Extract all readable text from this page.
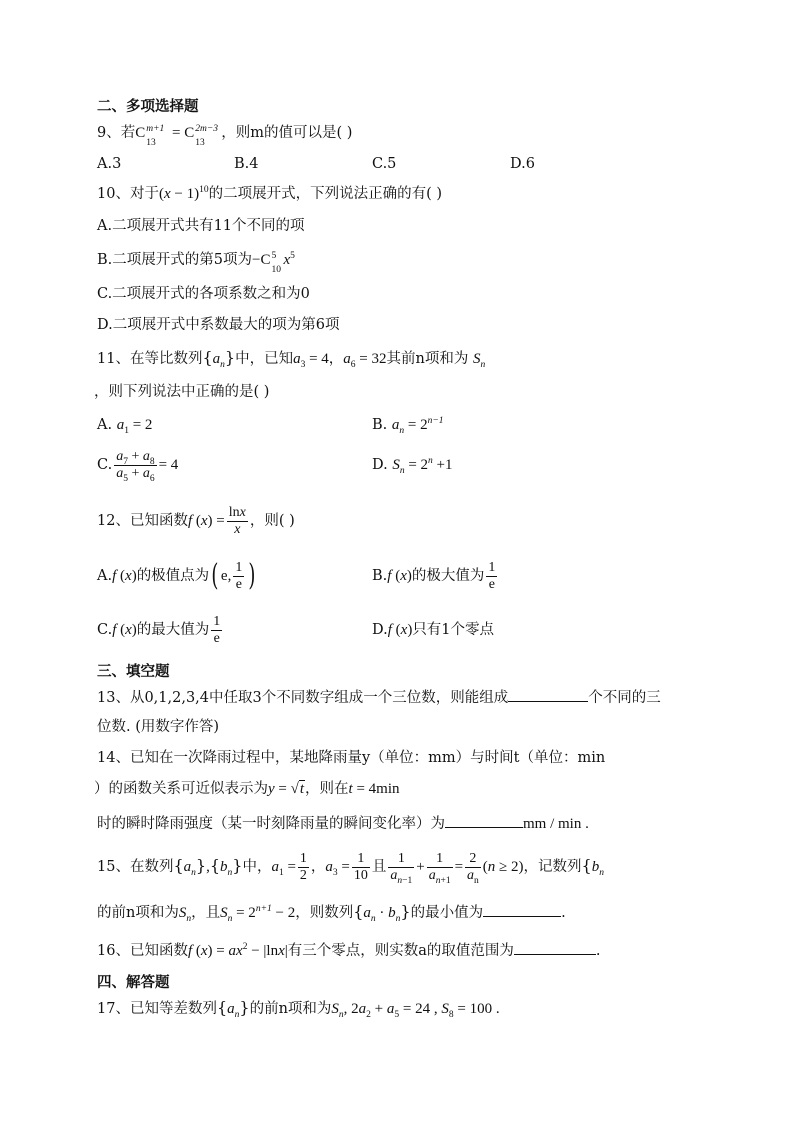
二、多项选择题
9、若C m+1
13
= C 2m−3
13
，则m的值可以是( )
A.3	B.4	C.5	D.6
10、对于$(x - 1)^{10}$的二项展开式，下列说法正确的有( )
A.二项展开式共有11个不同的项
B.二项展开式的第5项为−C 5
10
$x^5$
C.二项展开式的各项系数之和为0
D.二项展开式中系数最大的项为第6项
11、在等比数列$\{a_n\}$中，已知$a_3 = 4$，$a_6 = 32$其前n项和为 $S_n$
，则下列说法中正确的是( )
A. $a_1 = 2$	B. $a_n = 2^{n-1}$
C. $\frac{a_7 + a_8}{a_5 + a_6} = 4$	D. $S_n = 2^n +1$
12、已知函数f $(x) = \frac{\ln x}{x}$ ，则( )
A.f (x)的极值点为( e, $\frac{1}{e}$ )	B.f (x)的极大值为 $\frac{1}{e}$
C.f (x)的最大值为 $\frac{1}{e}$	D.f (x)只有1个零点
三、填空题
13、从0,1,2,3,4中任取3个不同数字组成一个三位数，则能组成	个不同的三
位数. (用数字作答)
14、已知在一次降雨过程中，某地降雨量y（单位：mm）与时间t（单位：min
）的函数关系可近似表示为y = √t，则在t = 4min
时的瞬时降雨强度（某一时刻降雨量的瞬间变化率）为	mm / min .
15、在数列$\{a_n\},\{b_n\}$中，$a_1 = \frac{1}{2}$ ，$a_3 = \frac{1}{10}$ 且 $\frac{1}{a_{n-1}} + \frac{1}{a_{n+1}} = \frac{2}{a_n} (n \ge 2)$，记数列{$b_n$
的前n项和为$S_n$，且$S_n = 2^{n+1} - 2$，则数列$\{a_n \cdot b_n\}$的最小值为	.
16、已知函数f $(x) = ax^2 - |\ln x|$有三个零点，则实数a的取值范围为	.
四、解答题
17、已知等差数列$\{a_n\}$的前n项和为$S_n$, $2a_2 + a_5 = 24$ , $S_8 = 100$ .
